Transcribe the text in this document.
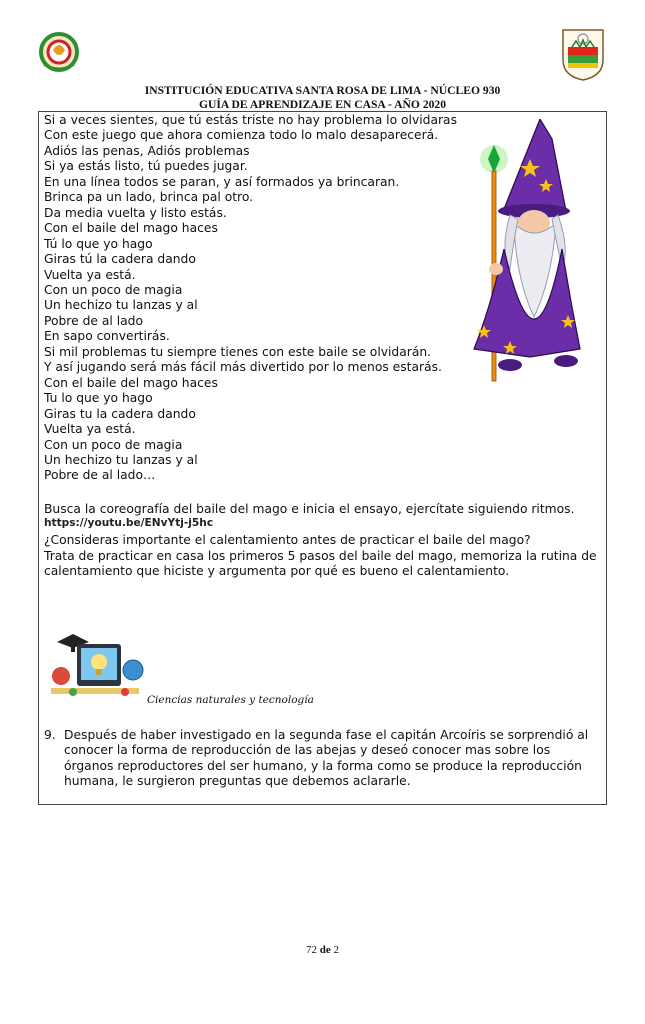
INSTITUCIÓN EDUCATIVA SANTA ROSA DE LIMA - NÚCLEO 930
GUÍA DE APRENDIZAJE EN CASA - AÑO 2020
Si a veces sientes, que tú estás triste no hay problema lo olvidaras
Con este juego que ahora comienza todo lo malo desaparecerá.
Adiós las penas, Adiós problemas
Si ya estás listo, tú puedes jugar.
En una línea todos se paran, y así formados ya brincaran.
Brinca pa un lado, brinca pal otro.
Da media vuelta y listo estás.
Con el baile del mago haces
Tú lo que yo hago
Giras tú la cadera dando
Vuelta ya está.
Con un poco de magia
Un hechizo tu lanzas y al
Pobre de al lado
En sapo convertirás.
Si mil problemas tu siempre tienes con este baile se olvidarán.
Y así jugando será más fácil más divertido por lo menos estarás.
Con el baile del mago haces
Tu lo que yo hago
Giras tu la cadera dando
Vuelta ya está.
Con un poco de magia
Un hechizo tu lanzas y al
Pobre de al lado…

Busca la coreografía del baile del mago e inicia el ensayo, ejercítate siguiendo ritmos.

https://youtu.be/ENvYtj-j5hc

¿Consideras importante el calentamiento antes de practicar el baile del mago?

Trata de practicar en casa los primeros 5 pasos del baile del mago, memoriza la rutina de calentamiento que hiciste y argumenta por qué es bueno el calentamiento.

Ciencias naturales y tecnología
9. Después de haber investigado en la segunda fase el capitán Arcoíris se sorprendió al conocer la forma de reproducción de las abejas y deseó conocer mas sobre los órganos reproductores del ser humano, y la forma como se produce la reproducción humana, le surgieron preguntas que debemos aclararle.
72 de 2
